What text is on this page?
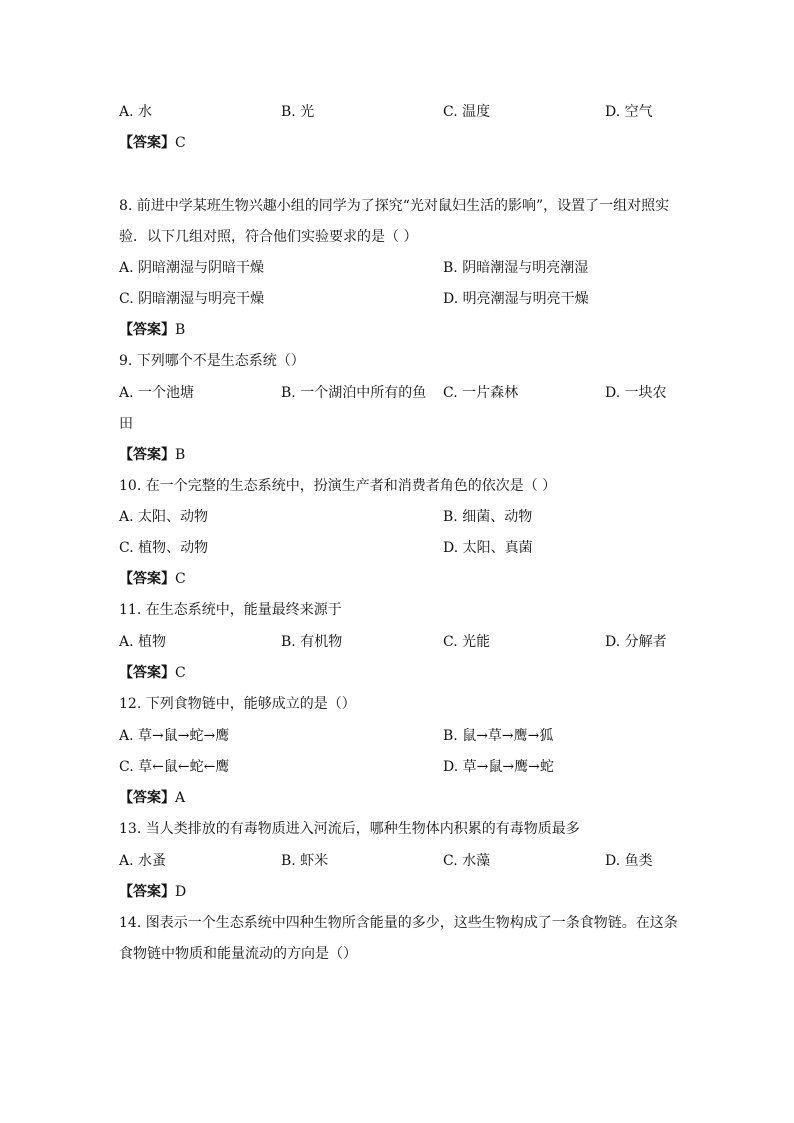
A. 水	B. 光	C. 温度	D. 空气
【答案】C
8. 前进中学某班生物兴趣小组的同学为了探究“光对鼠妇生活的影响”，设置了一组对照实
验．以下几组对照，符合他们实验要求的是（ ）
A. 阴暗潮湿与阴暗干燥	B. 阴暗潮湿与明亮潮湿
C. 阴暗潮湿与明亮干燥	D. 明亮潮湿与明亮干燥
【答案】B
9. 下列哪个不是生态系统（）
A. 一个池塘	B. 一个湖泊中所有的鱼 C. 一片森林	D. 一块农
田
【答案】B
10. 在一个完整的生态系统中，扮演生产者和消费者角色的依次是（ ）
A. 太阳、动物	B. 细菌、动物
C. 植物、动物	D. 太阳、真菌
【答案】C
11. 在生态系统中，能量最终来源于
A. 植物	B. 有机物	C. 光能	D. 分解者
【答案】C
12. 下列食物链中，能够成立的是（）
A. 草→鼠→蛇→鹰	B. 鼠→草→鹰→狐
C. 草←鼠←蛇←鹰	D. 草→鼠→鹰→蛇
【答案】A
13. 当人类排放的有毒物质进入河流后，哪种生物体内积累的有毒物质最多
A. 水蚤	B. 虾米	C. 水藻	D. 鱼类
【答案】D
14. 图表示一个生态系统中四种生物所含能量的多少，这些生物构成了一条食物链。在这条
食物链中物质和能量流动的方向是（）
